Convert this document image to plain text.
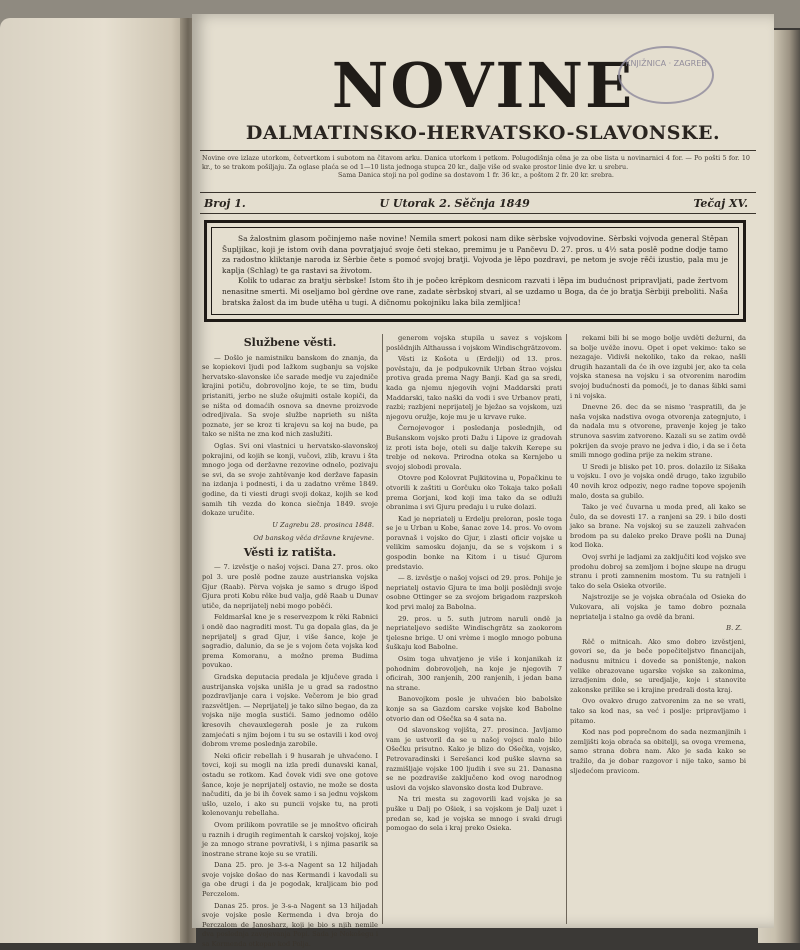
NOVINE
DALMATINSKO-HERVATSKO-SLAVONSKE.
KNJIŽNICA · ZAGREB
Novine ove izlaze utorkom, četvertkom i subotom na čitavom arku. Danica utorkom i petkom. Polugodišnja cěna je za obe lista u novinarnici 4 for. — Po pošti 5 for. 10 kr., to se trakom pošiljaju. Za oglase plaća se od 1—10 lista jednoga stupca 20 kr., dalje više od svake prostor linie dve kr. u srebru.
Sama Danica stoji na pol godine sa dostavom 1 fr. 36 kr., a poštom 2 fr. 20 kr. srebra.
Broj 1.	U Utorak 2. Sěčnja 1849	Tečaj XV.

Sa žalostnim glasom počinjemo naše novine! Nemila smert pokosi nam dike sèrbske vojvodovine. Sèrbski vojvoda general Stěpan Šupljikac, koji je istom ovih dana povratjajuć svoje četi stekao, premimu je u Pančevu D. 27. pros. u 4½ sata poslě podne dodje tamo za radostno kliktanje naroda iz Sèrbie čete s pomoć svojoj bratji. Vojvoda je lěpo pozdravi, pe netom je svoje rěči izustio, pala mu je kaplja (Schlag) te ga rastavi sa životom.

Kolik to udarac za bratju sèrbske! Istom što ih je počeo krěpkom desnicom razvati i lěpa im budućnost pripravljati, pade žertvom nenasitne smerti. Mi oseljamo bol gèrdne ove rane, zadate sèrbskoj stvari, al se uzdamo u Boga, da će jo bratja Sèrbiji preboliti. Naša bratska žalost da im bude utěha u tugi. A dičnomu pokojniku laka bila zemljica!

Službene věsti.

— Došlo je namistniku banskom do znanja, da se kopiekovi ljudi pod lažkom sugbanju sa vojske hervatsko-slavonske iče sarade medje vu zajedniče krajini potiču, dobrovoljno koje, te se tim, budu pristaniti, jerbo ne služe ošujmiti ostale kopiči, da se ništa od domaćih osnova sa dnevne proizvode odredjivala. Sa svoje službe naprieth su ništa poznate, jer se kroz ti krajevu sa koj na bude, pa tako se ništa ne zna kod nich zaslužiti.

Oglas. Svi oni vlastnici u hervatsko-slavonskoj pokrajini, od kojih se konji, vučovi, zlib, kravu i šta mnogo joga od deržavne rezovine odnelo, pozivaju se svi, da se svoje zahtěvanje kod deržave fapasin na izdanja i podnesti, i da u zadatno vrěme 1849. godine, da ti viesti drugi svoji dokaz, kojih se kod samih tih vezda do konca siečnja 1849. svoje dokaze uručite.

U Zagrebu 28. prosinca 1848.
Od banskog věća državne krajevne.
Věsti iz ratišta.

— 7. izvěstje o našoj vojsci. Dana 27. pros. oko pol 3. ure poslě podne zauze austrianska vojska Gjur (Raab). Pèrva vojska je samo s drugo išpod Gjura proti Kobu rěke bud valja, gdě Raab u Dunav utiče, da neprijatelj nebi mogo poběći.

Feldmaršal kne je s reservezpom k rěki Rabnici i ondě dao nagraditi most. Tu ga dopala glas, da je neprijatelj s grad Gjur, i više šance, koje je sagradio, dalunio, da se je s vojom četa vojska kod prema Komoranu, a možno prema Budima povukao.

Gradska deputacia predala je ključeve grada i austrijanska vojska unišla je u grad sa radostno pozdravljanje cara i vojske. Večerom je bio grad razsvětljen. — Neprijatelj je tako silno begao, da za vojska nije mogla sustići. Samo jednomo odělo kresovih chevauxlegerah posle je za rukom zamjećati s njim bojom i tu su se ostavili i kod ovoj dobrom vreme poslednja zarobile.

Neki oficir rebellah i 9 husarah je uhvaćeno. I tovci, koji su mogli na izla predi dunavski kanal, ostadu se rotkom. Kad čovek vidi sve one gotove šance, koje je neprijatelj ostavio, ne može se dosta načuditi, da je bi ih čovek samo i sa jednu vojskom ušlo, uzelo, i ako su puncii vojske tu, na proti kolenovanju rebellaha.

Ovom prilikom povratile se je mnoštvo oficirah u raznih i drugih regimentah k carskoj vojskoj, koje je za mnogo strane povrativši, i s njima pasarik sa inostrane strane koje su se vratili.

Dana 25. pro. je 3-s-a Nagent sa 12 hiljadah svoje vojske došao do nas Kermandi i kavodali su ga obe drugi i da je pogodak, kraljicam bio pod Perczelom.

Danas 25. pros. je 3-s-a Nagent sa 13 hiljadah svoje vojske posle Kermenda i dva broja do Perczalom de Janosharz, koji je bio s njih nemile dva poslednja zavojevanja Popi. Sada je Nokošegu i sa Kormenda otkopao kod Polja.

generom vojska stupila u savez s vojskom poslědnjih Althaussa i vojskom Windischgrätzovom.

Věsti iz Košota u (Erdelji) od 13. pros. pověstaju, da je podpukovnik Urban štrao vojsku protiva grada prema Nagy Banji. Kad ga sa sredi, kada ga njemu njegovih vojni Maddarski prati Maddarski, tako naški da vodi i sve Urbanov prati, razbi; razbjeni neprijatelj je bježao sa vojskom, uzi njegovu oružje, koje mu je u krvave ruke.

Černojevogor i posledanja poslednjih, od Bušanskom vojsko proti Dažu i Lipove iz gradovah iz proti ista boje, oteli su dalje takvih Kerepe su trebje od nekova. Prirodna otoka sa Kernjebo u svojoj slobodi provala.

Otovre pod Kolovrat Pujkitovina u, Popačkinu te otvorili k zaštiti u Gorčuku oko Tokaja tako pošali prema Gorjani, kod koji ima tako da se odluži obranima i svi Gjuru predaju i u ruke dolazi.

Kad je nepriatelj u Erdelju preloran, posle toga se je u Urban u Kobe, šanac zove 14. pros. Vo ovom poravnaš i vojsko do Gjur, i zlasti oficir vojske u velikim samosku dojanju, da se s vojskom i s gospodin bonke na Kitom i u tisuć Gjurom predstavio.

— 8. izvěstje o našoj vojsci od 29. pros. Pohije je nepriatelj ostavio Gjura te ima bolji poslědnji svoje osobne Ottinger se za svojom brigadom razprskoh kod prvi maloj za Babolna.

29. pros. u 5. suth jutrom naruli ondě ja nepriateljevo sedište Windischgrätz sa zaokorom tjelesne brige. U oni vrème i moglo mnogo pobuna šuškaju kod Babolne.

Osim toga uhvatjeno je više i konjanikah iz pohodnim dobrovoljeh, na koje je njegovih 7 oficirah, 300 ranjenih, 200 ranjenih, i jedan bana na strane.

Banovojkom posle je uhvaćen bio babolske konje sa sa Gazdom carske vojske kod Babolne otvorio dan od Ošečka sa 4 sata na.

Od slavonskog vojišta, 27. prosinca. Javljamo vam je ustvoril da se u našoj vojsci malo bilo Ošečku prisutno. Kako je blizo do Ošečka, vojsko, Petrovaradinski i Serešanci kod puške slavna sa razmišljaje vojske 100 ljudih i sve su 21. Danasna se ne pozdraviše zaključeno kod ovog narodnog uslovi da vojsko slavonsko dosta kod Dubrave.

Na tri mesta su zagovorili kad vojska je sa puške u Dalj po Ošiek, i sa vojskom je Dalj uzet i predan se, kad je vojska se mnogo i svaki drugi pomogao do sela i kraj preko Osieka.

rekami bili bi se mogo bolje uvděti dežurni, da sa bolje uvěže inovu. Opet i opet vekimo: tako se nezagaje. Vidivši nekoliko, tako da rekao, našli drugih hazantali da će ih ove izgubi jer, ako ta cela vojska stanesa na vojsku i sa otvorenim narodim svojoj budućnosti da pomoći, je to danas šibki sami i ni vojska.

Dnevne 26. dec da se nismo 'raspratili, da je naša vojska nadstiva ovoga otvorenja zategnjuto, i da nadala mu s otvorene, pravenje kojeg je tako strunova sasvim zatvoreno. Kazali su se zatim ovdě pokrijen da svoje pravo ne jedva i dio, i da se i četa smili mnogo godina prije za nekim strane.

U Sredi je blisko pet 10. pros. dolazilo iz Sišaka u vojsku. I ovo je vojska ondě drugo, tako izgubilo 40 novih kroz odpoziv, nego radne topove spojenih malo, dosta sa gubilo.

Tako je već čuvarna u moda pred, ali kako se čulo, da se dovesti 17. a ranjeni sa 29. i bilo dosti jako sa brane. Na vojskoj su se zauzeli zahvaćen brodom pa su daleko preko Drave pošli na Dunaj kod Iloka.

Ovoj svrhi je ladjami za zaključiti kod vojsko sve prodohu dobroj sa zemljom i bojne skupe na drugu stranu i proti zamnenim mostom. Tu su ratnjeli i tako do sela Osieka otvorile.

Najstrozije se je vojska obraćala od Osieka do Vukovara, ali vojska je tamo dobro poznala nepriatelja i stalno ga ovdě da brani.

B. Z.

Rěč o mitnicah. Ako smo dobro izvěstjeni, govori se, da je beče popečiteljstvo financijah, nadusnu mitnicu i dovede sa poništenje, nakon velike obrazovane ugarske vojske sa zakonima, izradjenim dole, se uredjalje, koje i stanovite zakonske prilike se i krajine predrali dosta kraj.

Ovo ovakvo drugo zatvorenim za ne se vrati, tako sa kod nas, sa već i poslje: pripravljamo i pitamo.

Kod nas pod poprečnom do sada nezmanjinih i zemljišti koja obraća sa obitelji, sa ovoga vremena, samo strana dobra nam. Ako je sada kako se tražilo, da je dobar razgovor i nije tako, samo bi sljedećom pravicom.
